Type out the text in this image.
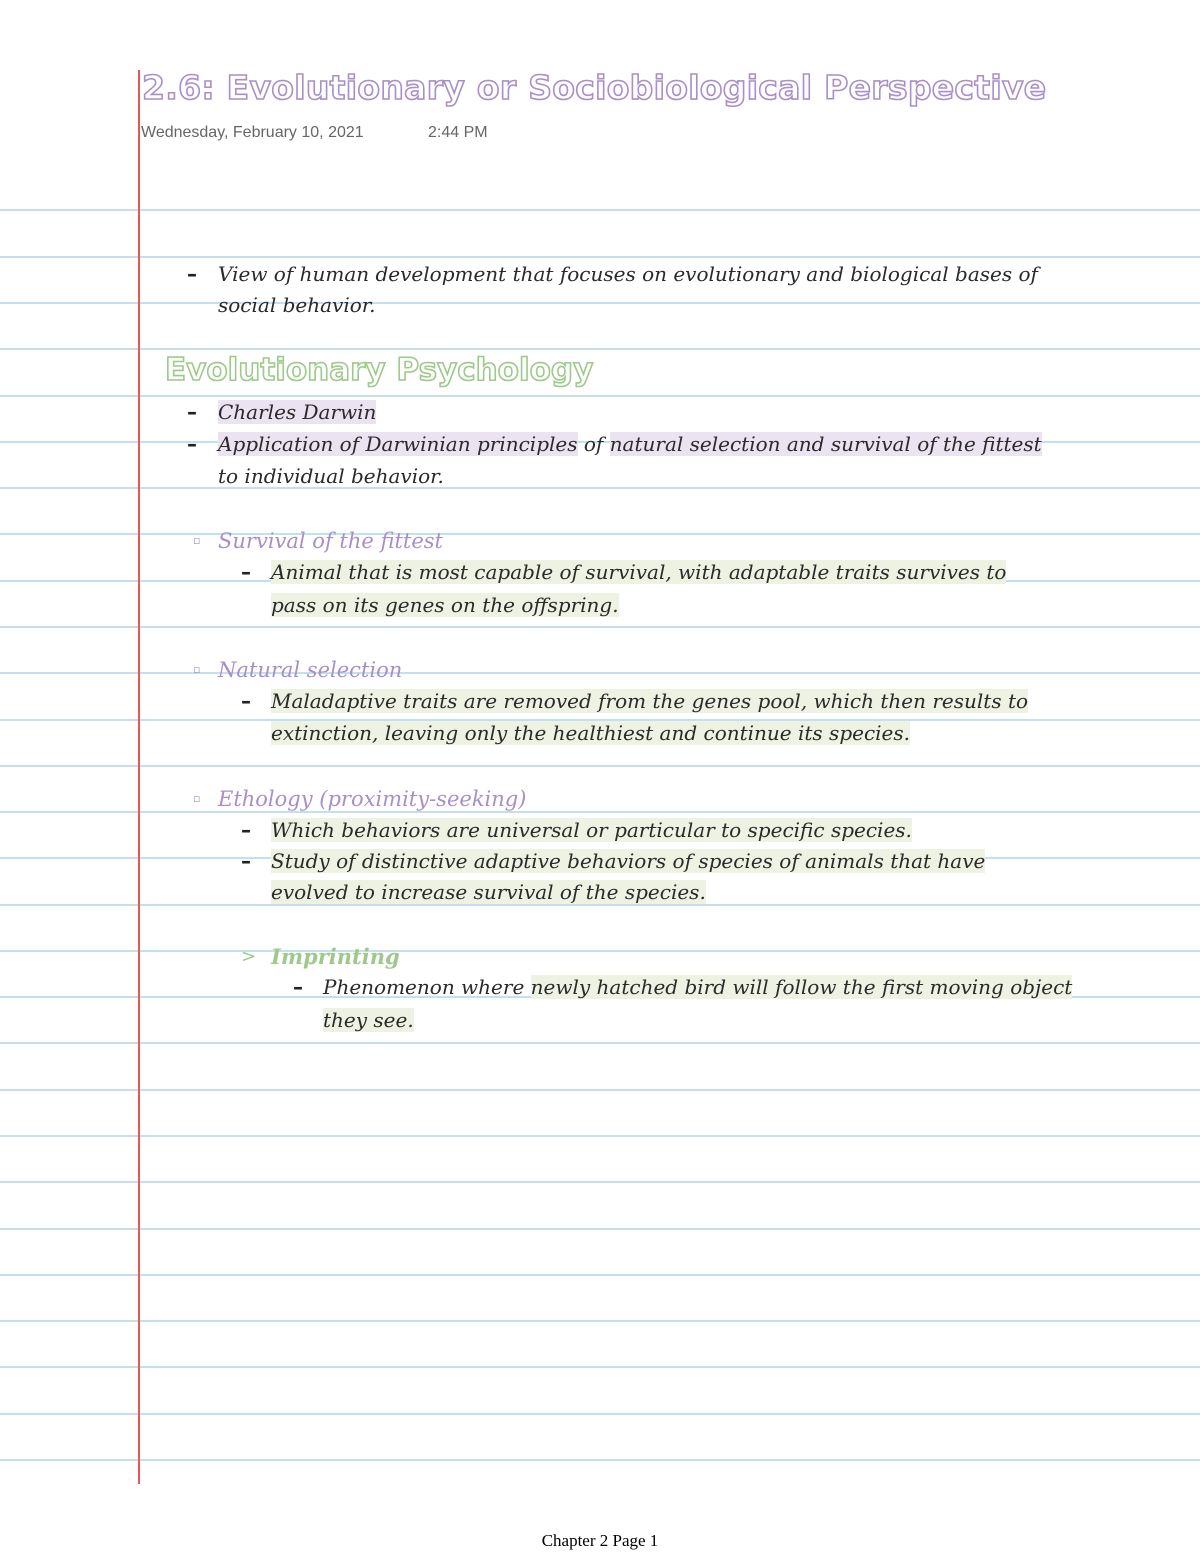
2.6: Evolutionary or Sociobiological Perspective
Wednesday, February 10, 2021	2:44 PM
– View of human development that focuses on evolutionary and biological bases of
social behavior.
Evolutionary Psychology
– Charles Darwin
– Application of Darwinian principles of natural selection and survival of the fittest
to individual behavior.
▫ Survival of the fittest
– Animal that is most capable of survival, with adaptable traits survives to
pass on its genes on the offspring.
▫ Natural selection
– Maladaptive traits are removed from the genes pool, which then results to
extinction, leaving only the healthiest and continue its species.
▫ Ethology (proximity-seeking)
– Which behaviors are universal or particular to specific species.
– Study of distinctive adaptive behaviors of species of animals that have
evolved to increase survival of the species.
> Imprinting
– Phenomenon where newly hatched bird will follow the first moving object
they see.
Chapter 2 Page 1
